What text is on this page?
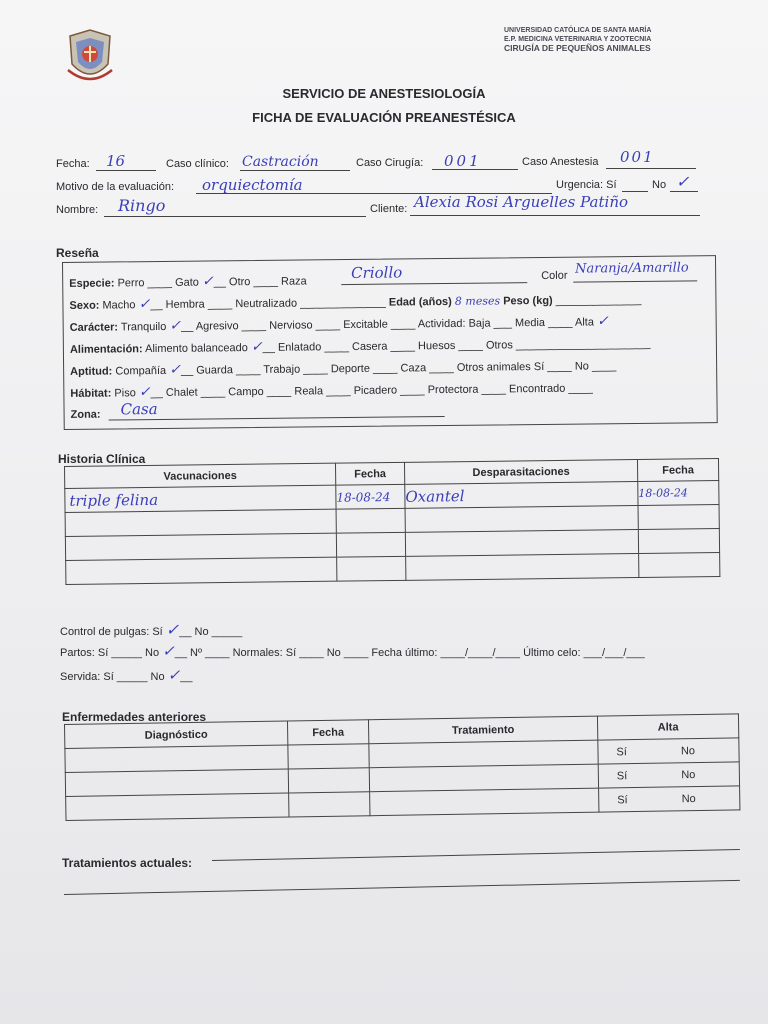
UNIVERSIDAD CATÓLICA DE SANTA MARÍA
E.P. MEDICINA VETERINARIA Y ZOOTECNIA
CIRUGÍA DE PEQUEÑOS ANIMALES
SERVICIO DE ANESTESIOLOGÍA
FICHA DE EVALUACIÓN PREANESTÉSICA
Fecha: 16	Caso clínico: Castración	Caso Cirugía: 001	Caso Anestesia 001
Motivo de la evaluación: orquiectomía	Urgencia: Sí	No ✓
Nombre: Ringo	Cliente: Alexia Rosi Arguelles Patiño
Reseña
Especie: Perro ____ Gato ✓__ Otro ____ Raza	Criollo	Color Naranja/Amarillo
Sexo: Macho ✓__ Hembra ____ Neutralizado ______________ Edad (años) 8 meses Peso (kg) ______________
Carácter: Tranquilo ✓__ Agresivo ____ Nervioso ____ Excitable ____ Actividad: Baja ___ Media ____ Alta ✓
Alimentación: Alimento balanceado ✓__ Enlatado ____ Casera ____ Huesos ____ Otros ______________________
Aptitud: Compañía ✓__ Guarda ____ Trabajo ____ Deporte ____ Caza ____ Otros animales Sí ____ No ____
Hábitat: Piso ✓__ Chalet ____ Campo ____ Reala ____ Picadero ____ Protectora ____ Encontrado ____
Zona: Casa
Historia Clínica
Vacunaciones	Fecha	Desparasitaciones	Fecha
triple felina	18-08-24	Oxantel	18-08-24

Control de pulgas: Sí ✓__ No _____
Partos: Sí _____ No ✓__ Nº ____ Normales: Sí ____ No ____ Fecha último: ____/____/____ Último celo: ___/___/___
Servida: Sí _____ No ✓__
Enfermedades anteriores
Diagnóstico	Fecha	Tratamiento	Alta
			Sí No
			Sí No
			Sí No
Tratamientos actuales:
